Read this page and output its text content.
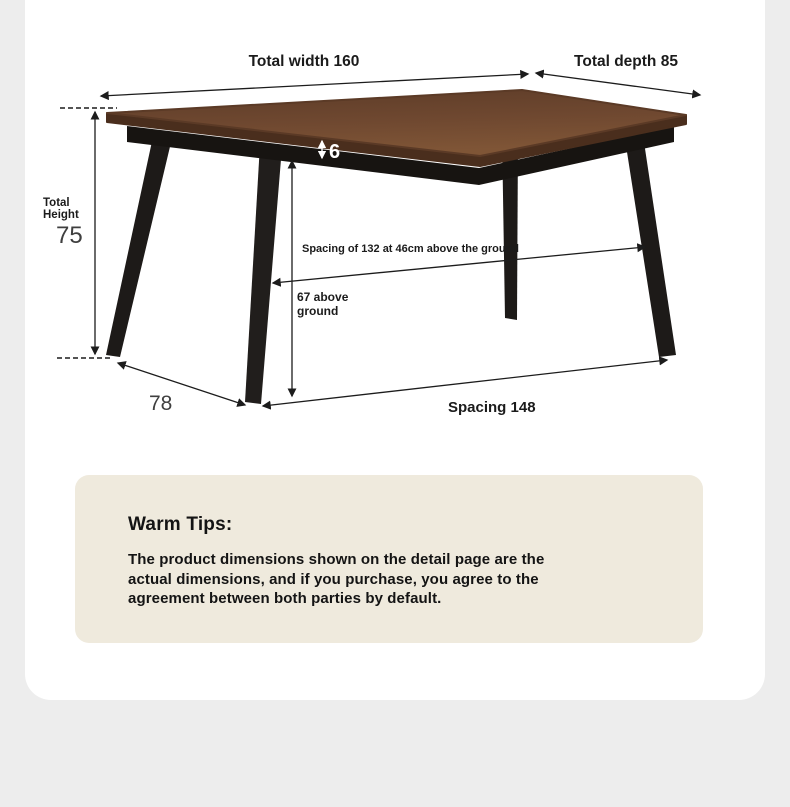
Total width 160	Total depth 85
Total
Height
75
6
Spacing of 132 at 46cm above the ground
67 above
ground
78	Spacing 148
Warm Tips:
The product dimensions shown on the detail page are the
actual dimensions, and if you purchase, you agree to the
agreement between both parties by default.
